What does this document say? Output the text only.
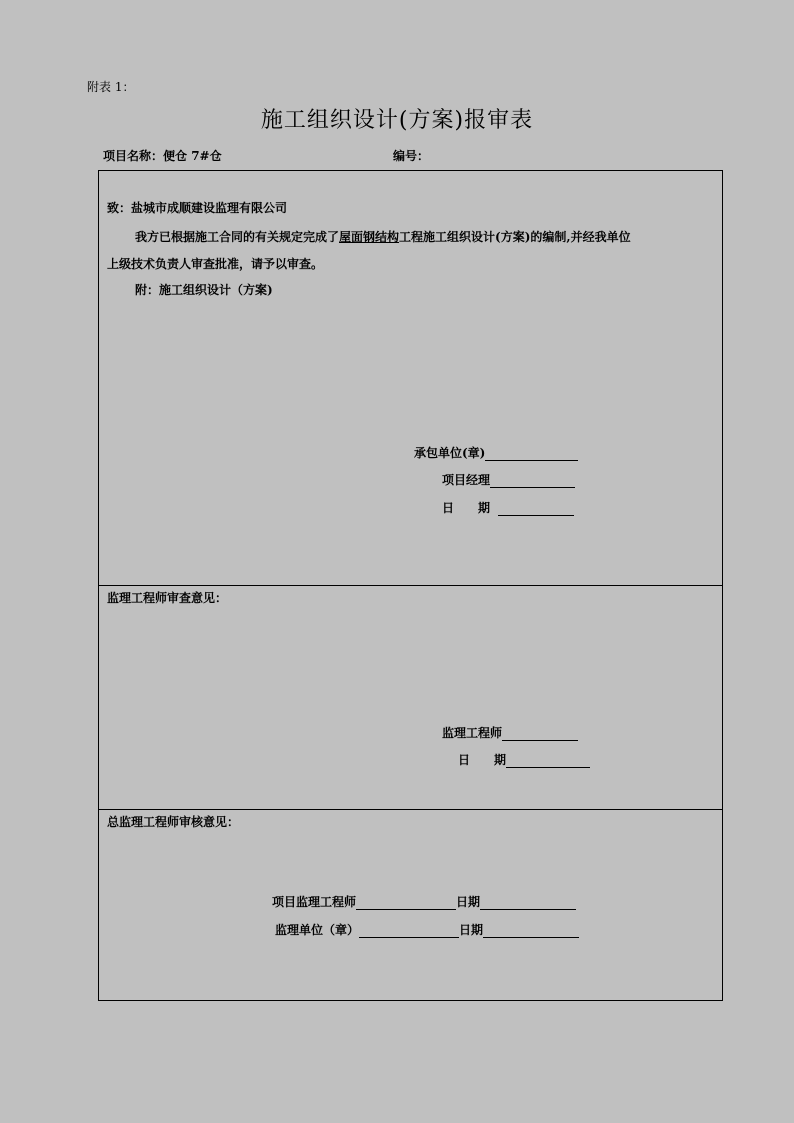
附表 1：
施工组织设计(方案)报审表
项目名称：便仓 7#仓	编号：
致：盐城市成顺建设监理有限公司
我方已根据施工合同的有关规定完成了屋面钢结构工程施工组织设计(方案)的编制,并经我单位
上级技术负责人审查批准，请予以审查。
附：施工组织设计（方案)
承包单位(章)
项目经理
日　　期
监理工程师审查意见：
监理工程师
日　　期
总监理工程师审核意见：
项目监理工程师	日期
监理单位（章）	日期
